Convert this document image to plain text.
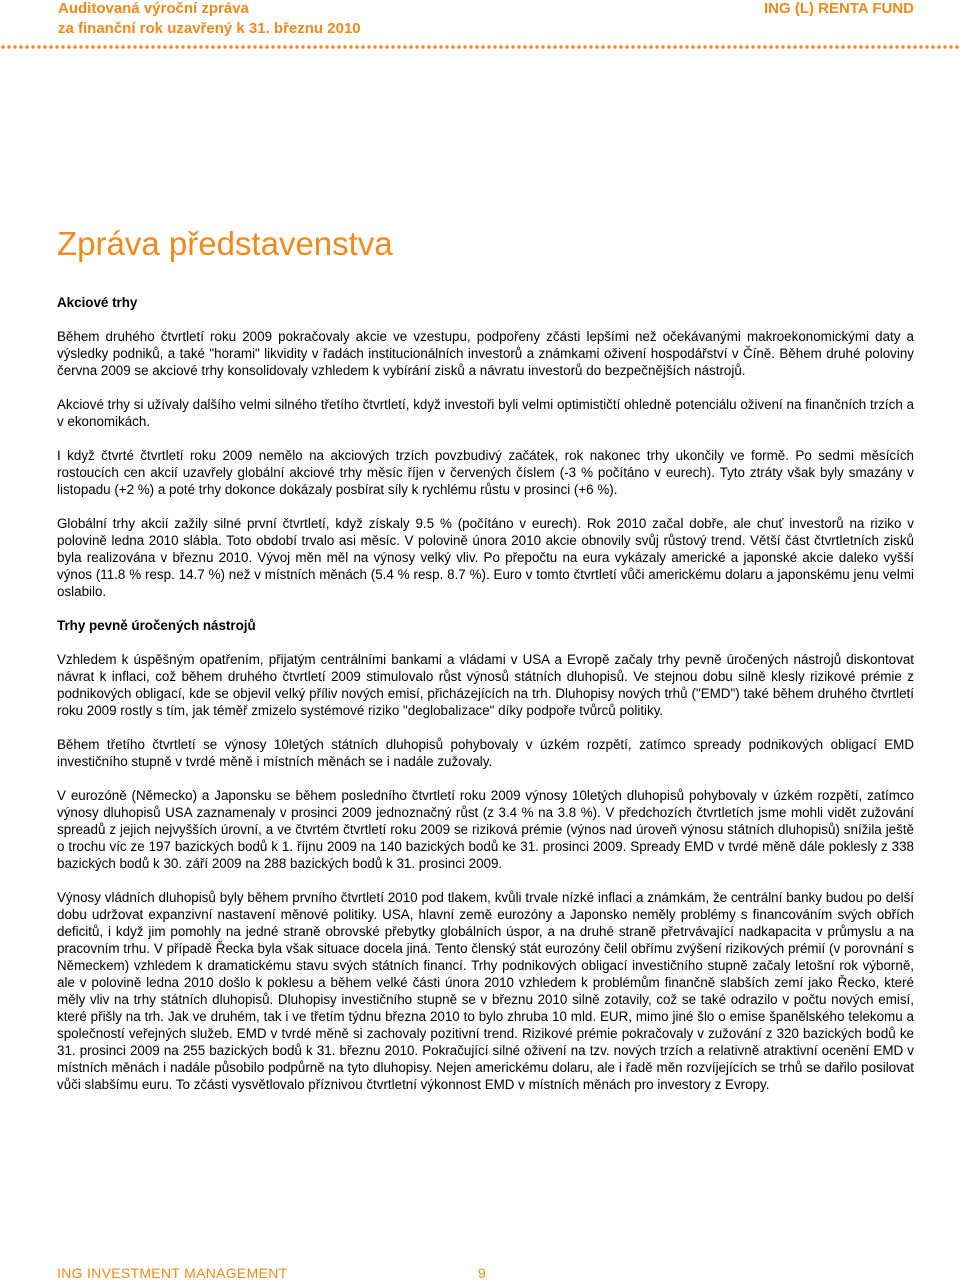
Auditovaná výroční zpráva
za finanční rok uzavřený k 31. březnu 2010
ING (L) RENTA FUND
Zpráva představenstva
Akciové trhy

Během druhého čtvrtletí roku 2009 pokračovaly akcie ve vzestupu, podpořeny zčásti lepšími než očekávanými makroekonomickými daty a výsledky podniků, a také "horami" likvidity v řadách institucionálních investorů a známkami oživení hospodářství v Číně. Během druhé poloviny června 2009 se akciové trhy konsolidovaly vzhledem k vybírání zisků a návratu investorů do bezpečnějších nástrojů.

Akciové trhy si užívaly dalšího velmi silného třetího čtvrtletí, když investoři byli velmi optimističtí ohledně potenciálu oživení na finančních trzích a v ekonomikách.

I když čtvrté čtvrtletí roku 2009 nemělo na akciových trzích povzbudivý začátek, rok nakonec trhy ukončily ve formě. Po sedmi měsících rostoucích cen akcií uzavřely globální akciové trhy měsíc říjen v červených číslem (-3 % počítáno v eurech). Tyto ztráty však byly smazány v listopadu (+2 %) a poté trhy dokonce dokázaly posbírat síly k rychlému růstu v prosinci (+6 %).

Globální trhy akcií zažily silné první čtvrtletí, když získaly 9.5 % (počítáno v eurech). Rok 2010 začal dobře, ale chuť investorů na riziko v polovině ledna 2010 slábla. Toto období trvalo asi měsíc. V polovině února 2010 akcie obnovily svůj růstový trend. Větší část čtvrtletních zisků byla realizována v březnu 2010. Vývoj měn měl na výnosy velký vliv. Po přepočtu na eura vykázaly americké a japonské akcie daleko vyšší výnos (11.8 % resp. 14.7 %) než v místních měnách (5.4 % resp. 8.7 %). Euro v tomto čtvrtletí vůči americkému dolaru a japonskému jenu velmi oslabilo.

Trhy pevně úročených nástrojů

Vzhledem k úspěšným opatřením, přijatým centrálními bankami a vládami v USA a Evropě začaly trhy pevně úročených nástrojů diskontovat návrat k inflaci, což během druhého čtvrtletí 2009 stimulovalo růst výnosů státních dluhopisů. Ve stejnou dobu silně klesly rizikové prémie z podnikových obligací, kde se objevil velký příliv nových emisí, přicházejících na trh. Dluhopisy nových trhů ("EMD") také během druhého čtvrtletí roku 2009 rostly s tím, jak téměř zmizelo systémové riziko "deglobalizace" díky podpoře tvůrců politiky.

Během třetího čtvrtletí se výnosy 10letých státních dluhopisů pohybovaly v úzkém rozpětí, zatímco spready podnikových obligací EMD investičního stupně v tvrdé měně i místních měnách se i nadále zužovaly.

V eurozóně (Německo) a Japonsku se během posledního čtvrtletí roku 2009 výnosy 10letých dluhopisů pohybovaly v úzkém rozpětí, zatímco výnosy dluhopisů USA zaznamenaly v prosinci 2009 jednoznačný růst (z 3.4 % na 3.8 %). V předchozích čtvrtletích jsme mohli vidět zužování spreadů z jejich nejvyšších úrovní, a ve čtvrtém čtvrtletí roku 2009 se riziková prémie (výnos nad úroveň výnosu státních dluhopisů) snížila ještě o trochu víc ze 197 bazických bodů k 1. říjnu 2009 na 140 bazických bodů ke 31. prosinci 2009. Spready EMD v tvrdé měně dále poklesly z 338 bazických bodů k 30. září 2009 na 288 bazických bodů k 31. prosinci 2009.

Výnosy vládních dluhopisů byly během prvního čtvrtletí 2010 pod tlakem, kvůli trvale nízké inflaci a známkám, že centrální banky budou po delší dobu udržovat expanzivní nastavení měnové politiky. USA, hlavní země eurozóny a Japonsko neměly problémy s financováním svých obřích deficitů, i když jim pomohly na jedné straně obrovské přebytky globálních úspor, a na druhé straně přetrvávající nadkapacita v průmyslu a na pracovním trhu. V případě Řecka byla však situace docela jiná. Tento členský stát eurozóny čelil obřímu zvýšení rizikových prémií (v porovnání s Německem) vzhledem k dramatickému stavu svých státních financí. Trhy podnikových obligací investičního stupně začaly letošní rok výborně, ale v polovině ledna 2010 došlo k poklesu a během velké části února 2010 vzhledem k problémům finančně slabších zemí jako Řecko, které měly vliv na trhy státních dluhopisů. Dluhopisy investičního stupně se v březnu 2010 silně zotavily, což se také odrazilo v počtu nových emisí, které přišly na trh. Jak ve druhém, tak i ve třetím týdnu března 2010 to bylo zhruba 10 mld. EUR, mimo jiné šlo o emise španělského telekomu a společností veřejných služeb. EMD v tvrdé měně si zachovaly pozitivní trend. Rizikové prémie pokračovaly v zužování z 320 bazických bodů ke 31. prosinci 2009 na 255 bazických bodů k 31. březnu 2010. Pokračující silné oživení na tzv. nových trzích a relativně atraktivní ocenění EMD v místních měnách i nadále působilo podpůrně na tyto dluhopisy. Nejen americkému dolaru, ale i řadě měn rozvíjejících se trhů se dařilo posilovat vůči slabšímu euru. To zčásti vysvětlovalo příznivou čtvrtletní výkonnost EMD v místních měnách pro investory z Evropy.

ING INVESTMENT MANAGEMENT	9
